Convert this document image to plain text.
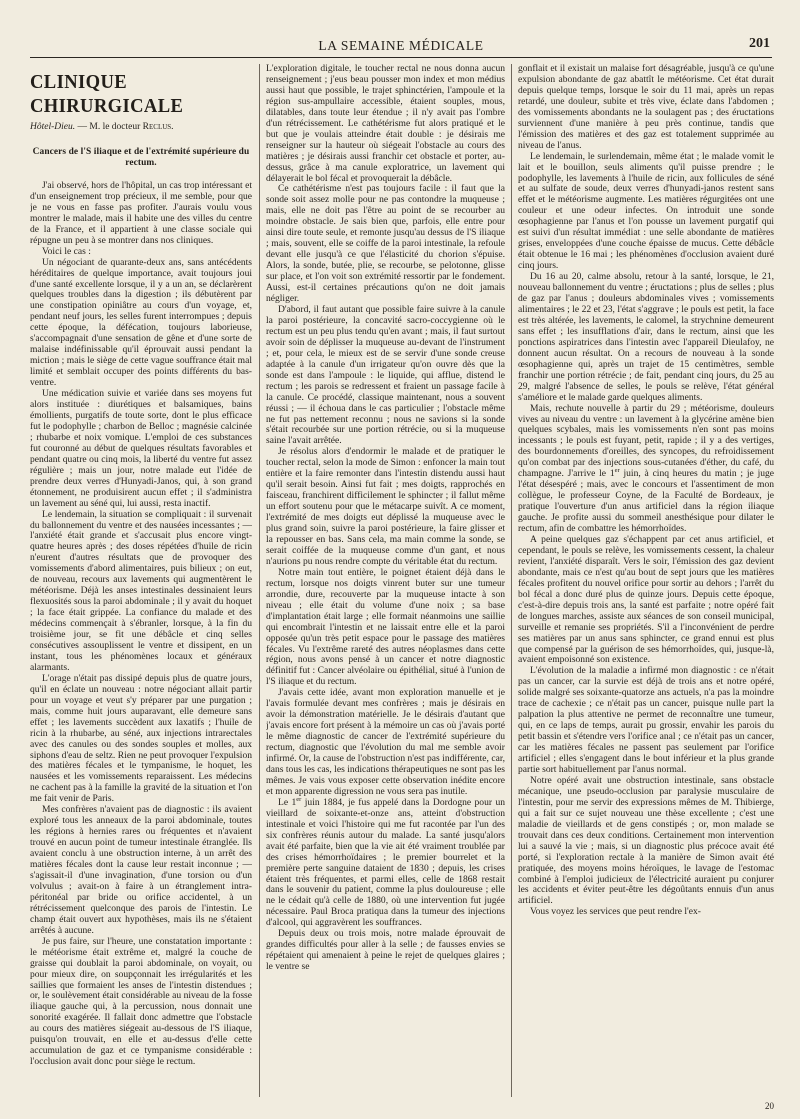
LA SEMAINE MÉDICALE	201
CLINIQUE CHIRURGICALE
Hôtel-Dieu. — M. le docteur Reclus.
Cancers de l'S iliaque et de l'extrémité supérieure du rectum.

J'ai observé, hors de l'hôpital, un cas trop intéressant et d'un enseignement trop précieux, il me semble, pour que je ne vous en fasse pas profiter. J'aurais voulu vous montrer le malade, mais il habite une des villes du centre de la France, et il appartient à une classe sociale qui répugne un peu à se montrer dans nos cliniques.

Voici le cas :

Un négociant de quarante-deux ans, sans antécédents héréditaires de quelque importance, avait toujours joui d'une santé excellente lorsque, il y a un an, se déclarèrent quelques troubles dans la digestion ; ils débutèrent par une constipation opiniâtre au cours d'un voyage, et, pendant neuf jours, les selles furent interrompues ; depuis cette époque, la défécation, toujours laborieuse, s'accompagnait d'une sensation de gêne et d'une sorte de malaise indéfinissable qu'il éprouvait aussi pendant la miction ; mais le siège de cette vague souffrance était mal limité et semblait occuper des points différents du bas-ventre.

Une médication suivie et variée dans ses moyens fut alors instituée : diurétiques et balsamiques, bains émollients, purgatifs de toute sorte, dont le plus efficace fut le podophylle ; charbon de Belloc ; magnésie calcinée ; rhubarbe et noix vomique. L'emploi de ces substances fut couronné au début de quelques résultats favorables et pendant quatre ou cinq mois, la liberté du ventre fut assez régulière ; mais un jour, notre malade eut l'idée de prendre deux verres d'Hunyadi-Janos, qui, à son grand étonnement, ne produisirent aucun effet ; il s'administra un lavement au séné qui, lui aussi, resta inactif.

Le lendemain, la situation se compliquait : il survenait du ballonnement du ventre et des nausées incessantes ; — l'anxiété était grande et s'accusait plus encore vingt-quatre heures après ; des doses répétées d'huile de ricin n'eurent d'autres résultats que de provoquer des vomissements d'abord alimentaires, puis bilieux ; on eut, de nouveau, recours aux lavements qui augmentèrent le météorisme. Déjà les anses intestinales dessinaient leurs flexuosités sous la paroi abdominale ; il y avait du hoquet ; la face était grippée. La confiance du malade et des médecins commençait à s'ébranler, lorsque, à la fin du troisième jour, se fit une débâcle et cinq selles consécutives assouplissent le ventre et dissipent, en un instant, tous les phénomènes locaux et généraux alarmants.

L'orage n'était pas dissipé depuis plus de quatre jours, qu'il en éclate un nouveau : notre négociant allait partir pour un voyage et veut s'y préparer par une purgation ; mais, comme huit jours auparavant, elle demeure sans effet ; les lavements succèdent aux laxatifs ; l'huile de ricin à la rhubarbe, au séné, aux injections intrarectales avec des canules ou des sondes souples et molles, aux siphons d'eau de seltz. Rien ne peut provoquer l'expulsion des matières fécales et le tympanisme, le hoquet, les nausées et les vomissements reparaissent. Les médecins ne cachent pas à la famille la gravité de la situation et l'on me fait venir de Paris.

Mes confrères n'avaient pas de diagnostic : ils avaient exploré tous les anneaux de la paroi abdominale, toutes les régions à hernies rares ou fréquentes et n'avaient trouvé en aucun point de tumeur intestinale étranglée. Ils avaient conclu à une obstruction interne, à un arrêt des matières fécales dont la cause leur restait inconnue ; — s'agissait-il d'une invagination, d'une torsion ou d'un volvulus ; avait-on à faire à un étranglement intra-péritonéal par bride ou orifice accidentel, à un rétrécissement quelconque des parois de l'intestin. Le champ était ouvert aux hypothèses, mais ils ne s'étaient arrêtés à aucune.

Je pus faire, sur l'heure, une constatation importante : le météorisme était extrême et, malgré la couche de graisse qui doublait la paroi abdominale, on voyait, ou pour mieux dire, on soupçonnait les irrégularités et les saillies que formaient les anses de l'intestin distendues ; or, le soulèvement était considérable au niveau de la fosse iliaque gauche qui, à la percussion, nous donnait une sonorité exagérée. Il fallait donc admettre que l'obstacle au cours des matières siégeait au-dessous de l'S iliaque, puisqu'on trouvait, en elle et au-dessus d'elle cette accumulation de gaz et ce tympanisme considérable : l'occlusion avait donc pour siège le rectum.

L'exploration digitale, le toucher rectal ne nous donna aucun renseignement ; j'eus beau pousser mon index et mon médius aussi haut que possible, le trajet sphinctérien, l'ampoule et la région sus-ampullaire accessible, étaient souples, mous, dilatables, dans toute leur étendue ; il n'y avait pas l'ombre d'un rétrécissement. Le cathétérisme fut alors pratiqué et le but que je voulais atteindre était double : je désirais me renseigner sur la hauteur où siégeait l'obstacle au cours des matières ; je désirais aussi franchir cet obstacle et porter, au-dessus, grâce à ma canule exploratrice, un lavement qui délayerait le bol fécal et provoquerait la débâcle.

Ce cathétérisme n'est pas toujours facile : il faut que la sonde soit assez molle pour ne pas contondre la muqueuse ; mais, elle ne doit pas l'être au point de se recourber au moindre obstacle. Je sais bien que, parfois, elle entre pour ainsi dire toute seule, et remonte jusqu'au dessus de l'S iliaque ; mais, souvent, elle se coiffe de la paroi intestinale, la refoule devant elle jusqu'à ce que l'élasticité du chorion s'épuise. Alors, la sonde, butée, plie, se recourbe, se pelotonne, glisse sur place, et l'on voit son extrémité ressortir par le fondement. Aussi, est-il certaines précautions qu'on ne doit jamais négliger.

D'abord, il faut autant que possible faire suivre à la canule la paroi postérieure, la concavité sacro-coccygienne où le rectum est un peu plus tendu qu'en avant ; mais, il faut surtout avoir soin de déplisser la muqueuse au-devant de l'instrument ; et, pour cela, le mieux est de se servir d'une sonde creuse adaptée à la canule d'un irrigateur qu'on ouvre dès que la sonde est dans l'ampoule : le liquide, qui afflue, distend le rectum ; les parois se redressent et fraient un passage facile à la canule. Ce procédé, classique maintenant, nous a souvent réussi ; — il échoua dans le cas particulier ; l'obstacle même ne fut pas nettement reconnu ; nous ne savions si la sonde s'était recourbée sur une portion rétrécie, ou si la muqueuse saine l'avait arrêtée.

Je résolus alors d'endormir le malade et de pratiquer le toucher rectal, selon la mode de Simon : enfoncer la main tout entière et la faire remonter dans l'intestin distendu aussi haut qu'il serait besoin. Ainsi fut fait ; mes doigts, rapprochés en faisceau, franchirent difficilement le sphincter ; il fallut même un effort soutenu pour que le métacarpe suivît. A ce moment, l'extrémité de mes doigts eut déplissé la muqueuse avec le plus grand soin, suivre la paroi postérieure, la faire glisser et la repousser en bas. Sans cela, ma main comme la sonde, se serait coiffée de la muqueuse comme d'un gant, et nous n'aurions pu nous rendre compte du véritable état du rectum.

Notre main tout entière, le poignet étaient déjà dans le rectum, lorsque nos doigts vinrent buter sur une tumeur arrondie, dure, recouverte par la muqueuse intacte à son niveau ; elle était du volume d'une noix ; sa base d'implantation était large ; elle formait néanmoins une saillie qui encombrait l'intestin et ne laissait entre elle et la paroi opposée qu'un très petit espace pour le passage des matières fécales. Vu l'extrême rareté des autres néoplasmes dans cette région, nous avons pensé à un cancer et notre diagnostic définitif fut : Cancer alvéolaire ou épithélial, situé à l'union de l'S iliaque et du rectum.

J'avais cette idée, avant mon exploration manuelle et je l'avais formulée devant mes confrères ; mais je désirais en avoir la démonstration matérielle. Je le désirais d'autant que j'avais encore fort présent à la mémoire un cas où j'avais porté le même diagnostic de cancer de l'extrémité supérieure du rectum, diagnostic que l'évolution du mal me semble avoir infirmé. Or, la cause de l'obstruction n'est pas indifférente, car, dans tous les cas, les indications thérapeutiques ne sont pas les mêmes. Je vais vous exposer cette observation inédite encore et mon apparente digression ne vous sera pas inutile.

Le 1er juin 1884, je fus appelé dans la Dordogne pour un vieillard de soixante-et-onze ans, atteint d'obstruction intestinale et voici l'histoire qui me fut racontée par l'un des six confrères réunis autour du malade. La santé jusqu'alors avait été parfaite, bien que la vie ait été vraiment troublée par des crises hémorrhoïdaires ; le premier bourrelet et la première perte sanguine dataient de 1830 ; depuis, les crises étaient très fréquentes, et parmi elles, celle de 1868 restait dans le souvenir du patient, comme la plus douloureuse ; elle ne le cédait qu'à celle de 1880, où une intervention fut jugée nécessaire. Paul Broca pratiqua dans la tumeur des injections d'alcool, qui aggravèrent les souffrances.

Depuis deux ou trois mois, notre malade éprouvait de grandes difficultés pour aller à la selle ; de fausses envies se répétaient qui amenaient à peine le rejet de quelques glaires ; le ventre se

gonflait et il existait un malaise fort désagréable, jusqu'à ce qu'une expulsion abondante de gaz abattît le météorisme. Cet état durait depuis quelque temps, lorsque le soir du 11 mai, après un repas retardé, une douleur, subite et très vive, éclate dans l'abdomen ; des vomissements abondants ne la soulagent pas ; des éructations surviennent d'une manière à peu près continue, tandis que l'émission des matières et des gaz est totalement supprimée au niveau de l'anus.

Le lendemain, le surlendemain, même état ; le malade vomit le lait et le bouillon, seuls aliments qu'il puisse prendre ; le podophylle, les lavements à l'huile de ricin, aux follicules de séné et au sulfate de soude, deux verres d'hunyadi-janos restent sans effet et le météorisme augmente. Les matières régurgitées ont une couleur et une odeur infectes. On introduit une sonde œsophagienne par l'anus et l'on pousse un lavement purgatif qui est suivi d'un résultat immédiat : une selle abondante de matières grises, enveloppées d'une couche épaisse de mucus. Cette débâcle était obtenue le 16 mai ; les phénomènes d'occlusion avaient duré cinq jours.

Du 16 au 20, calme absolu, retour à la santé, lorsque, le 21, nouveau ballonnement du ventre ; éructations ; plus de selles ; plus de gaz par l'anus ; douleurs abdominales vives ; vomissements alimentaires ; le 22 et 23, l'état s'aggrave ; le pouls est petit, la face est très altérée, les lavements, le calomel, la strychnine demeurent sans effet ; les insufflations d'air, dans le rectum, ainsi que les ponctions aspiratrices dans l'intestin avec l'appareil Dieulafoy, ne donnent aucun résultat. On a recours de nouveau à la sonde œsophagienne qui, après un trajet de 15 centimètres, semble franchir une portion rétrécie ; de fait, pendant cinq jours, du 25 au 29, malgré l'absence de selles, le pouls se relève, l'état général s'améliore et le malade garde quelques aliments.

Mais, rechute nouvelle à partir du 29 ; météorisme, douleurs vives au niveau du ventre : un lavement à la glycérine amène bien quelques scybales, mais les vomissements n'en sont pas moins incessants ; le pouls est fuyant, petit, rapide ; il y a des vertiges, des bourdonnements d'oreilles, des syncopes, du refroidissement qu'on combat par des injections sous-cutanées d'éther, du café, du champagne. J'arrive le 1er juin, à cinq heures du matin ; je juge l'état désespéré ; mais, avec le concours et l'assentiment de mon collègue, le professeur Coyne, de la Faculté de Bordeaux, je pratique l'ouverture d'un anus artificiel dans la région iliaque gauche. Je profite aussi du sommeil anesthésique pour dilater le rectum, afin de combattre les hémorrhoïdes.

A peine quelques gaz s'échappent par cet anus artificiel, et cependant, le pouls se relève, les vomissements cessent, la chaleur revient, l'anxiété disparaît. Vers le soir, l'émission des gaz devient abondante, mais ce n'est qu'au bout de sept jours que les matières fécales profitent du nouvel orifice pour sortir au dehors ; l'arrêt du bol fécal a donc duré plus de quinze jours. Depuis cette époque, c'est-à-dire depuis trois ans, la santé est parfaite ; notre opéré fait de longues marches, assiste aux séances de son conseil municipal, surveille et remanie ses propriétés. S'il a l'inconvénient de perdre ses matières par un anus sans sphincter, ce grand ennui est plus que compensé par la guérison de ses hémorrhoïdes, qui, jusque-là, avaient empoisonné son existence.

L'évolution de la maladie a infirmé mon diagnostic : ce n'était pas un cancer, car la survie est déjà de trois ans et notre opéré, solide malgré ses soixante-quatorze ans actuels, n'a pas la moindre trace de cachexie ; ce n'était pas un cancer, puisque nulle part la palpation la plus attentive ne permet de reconnaître une tumeur, qui, en ce laps de temps, aurait pu grossir, envahir les parois du petit bassin et s'étendre vers l'orifice anal ; ce n'était pas un cancer, car les matières fécales ne passent pas seulement par l'orifice artificiel ; elles s'engagent dans le bout inférieur et la plus grande partie sort habituellement par l'anus normal.

Notre opéré avait une obstruction intestinale, sans obstacle mécanique, une pseudo-occlusion par paralysie musculaire de l'intestin, pour me servir des expressions mêmes de M. Thibierge, qui a fait sur ce sujet nouveau une thèse excellente ; c'est une maladie de vieillards et de gens constipés ; or, mon malade se trouvait dans ces deux conditions. Certainement mon intervention lui a sauvé la vie ; mais, si un diagnostic plus précoce avait été porté, si l'exploration rectale à la manière de Simon avait été pratiquée, des moyens moins héroïques, le lavage de l'estomac combiné à l'emploi judicieux de l'électricité auraient pu conjurer les accidents et éviter peut-être les dégoûtants ennuis d'un anus artificiel.

Vous voyez les services que peut rendre l'ex-

20
